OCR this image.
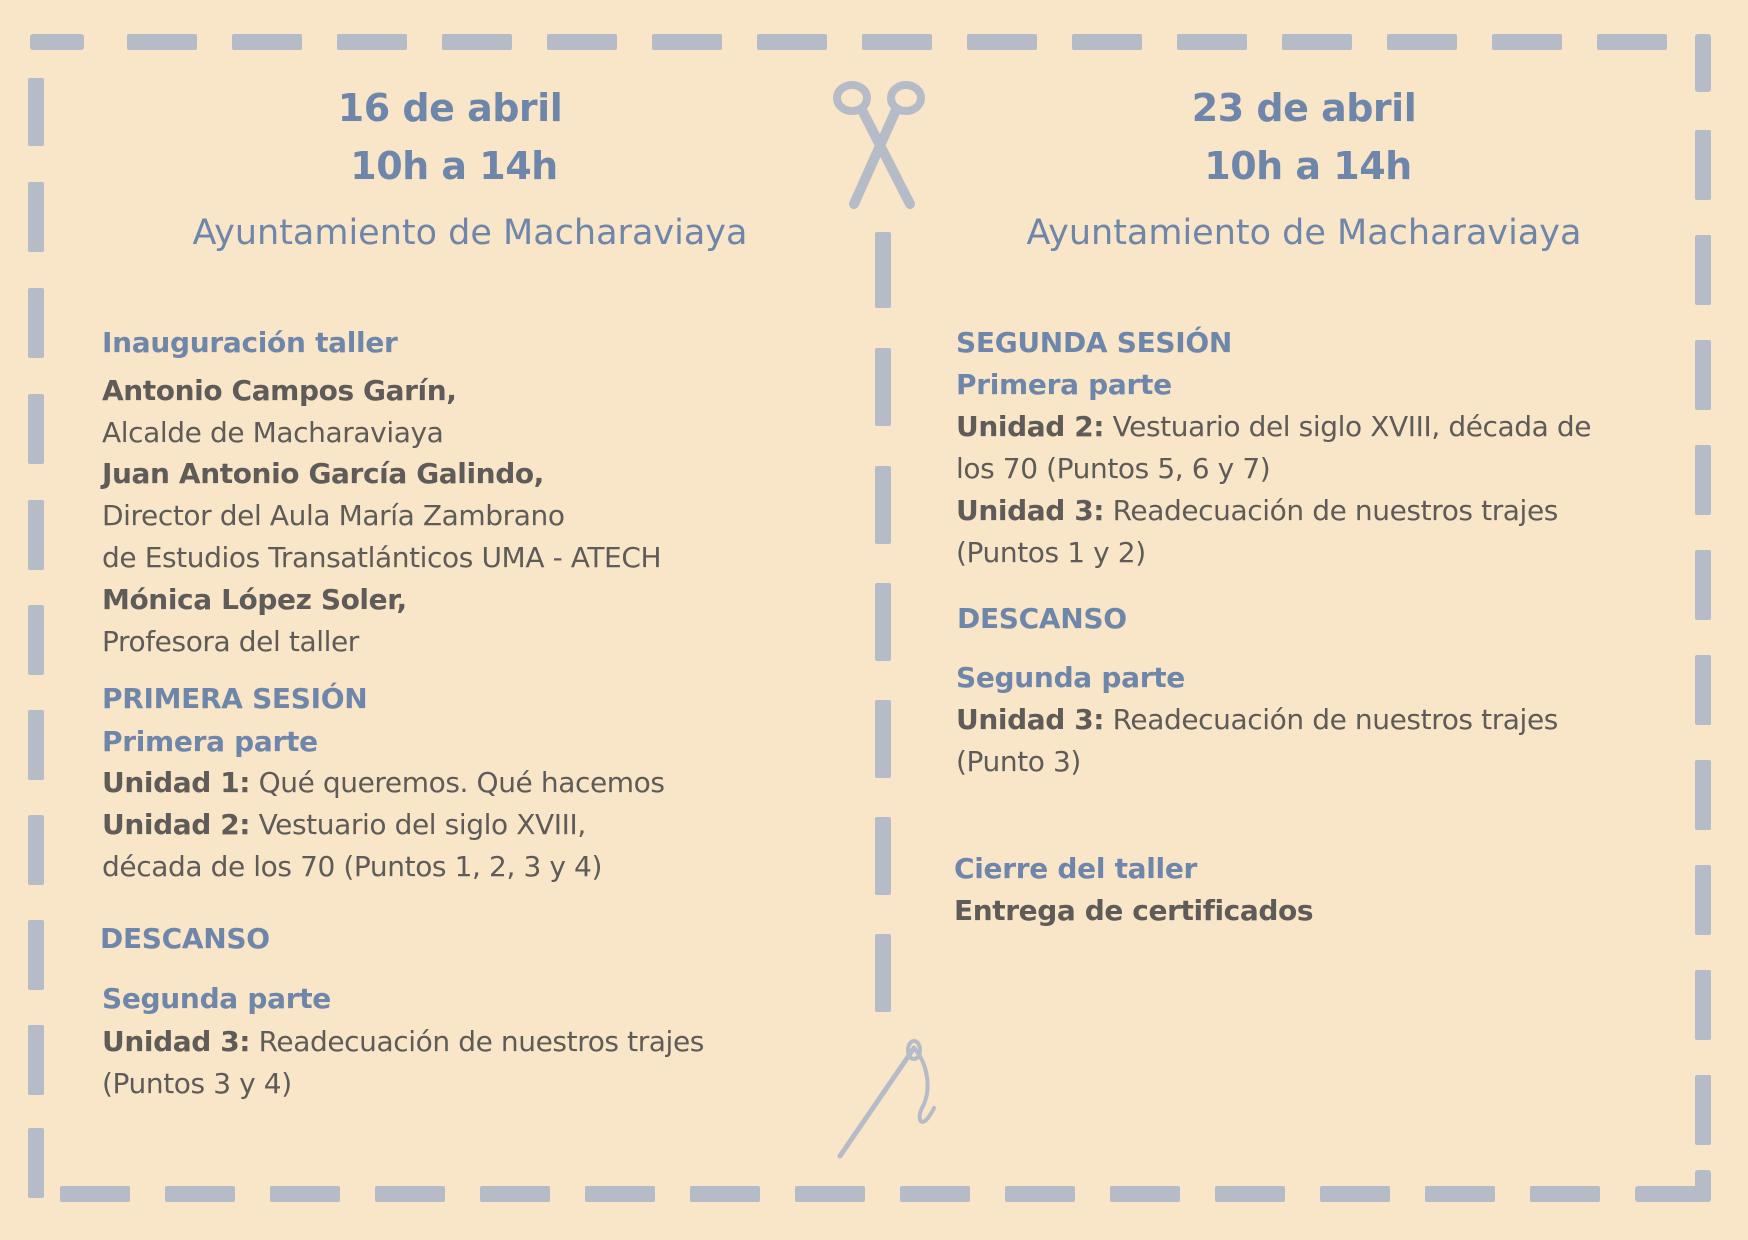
16 de abril
10h a 14h
Ayuntamiento de Macharaviaya
Inauguración taller
Antonio Campos Garín,
Alcalde de Macharaviaya
Juan Antonio García Galindo,
Director del Aula María Zambrano
de Estudios Transatlánticos UMA - ATECH
Mónica López Soler,
Profesora del taller
PRIMERA SESIÓN
Primera parte
Unidad 1: Qué queremos. Qué hacemos
Unidad 2: Vestuario del siglo XVIII,
década de los 70 (Puntos 1, 2, 3 y 4)
DESCANSO
Segunda parte
Unidad 3: Readecuación de nuestros trajes
(Puntos 3 y 4)
23 de abril
10h a 14h
Ayuntamiento de Macharaviaya
SEGUNDA SESIÓN
Primera parte
Unidad 2: Vestuario del siglo XVIII, década de
los 70 (Puntos 5, 6 y 7)
Unidad 3: Readecuación de nuestros trajes
(Puntos 1 y 2)
DESCANSO
Segunda parte
Unidad 3: Readecuación de nuestros trajes
(Punto 3)
Cierre del taller
Entrega de certificados
